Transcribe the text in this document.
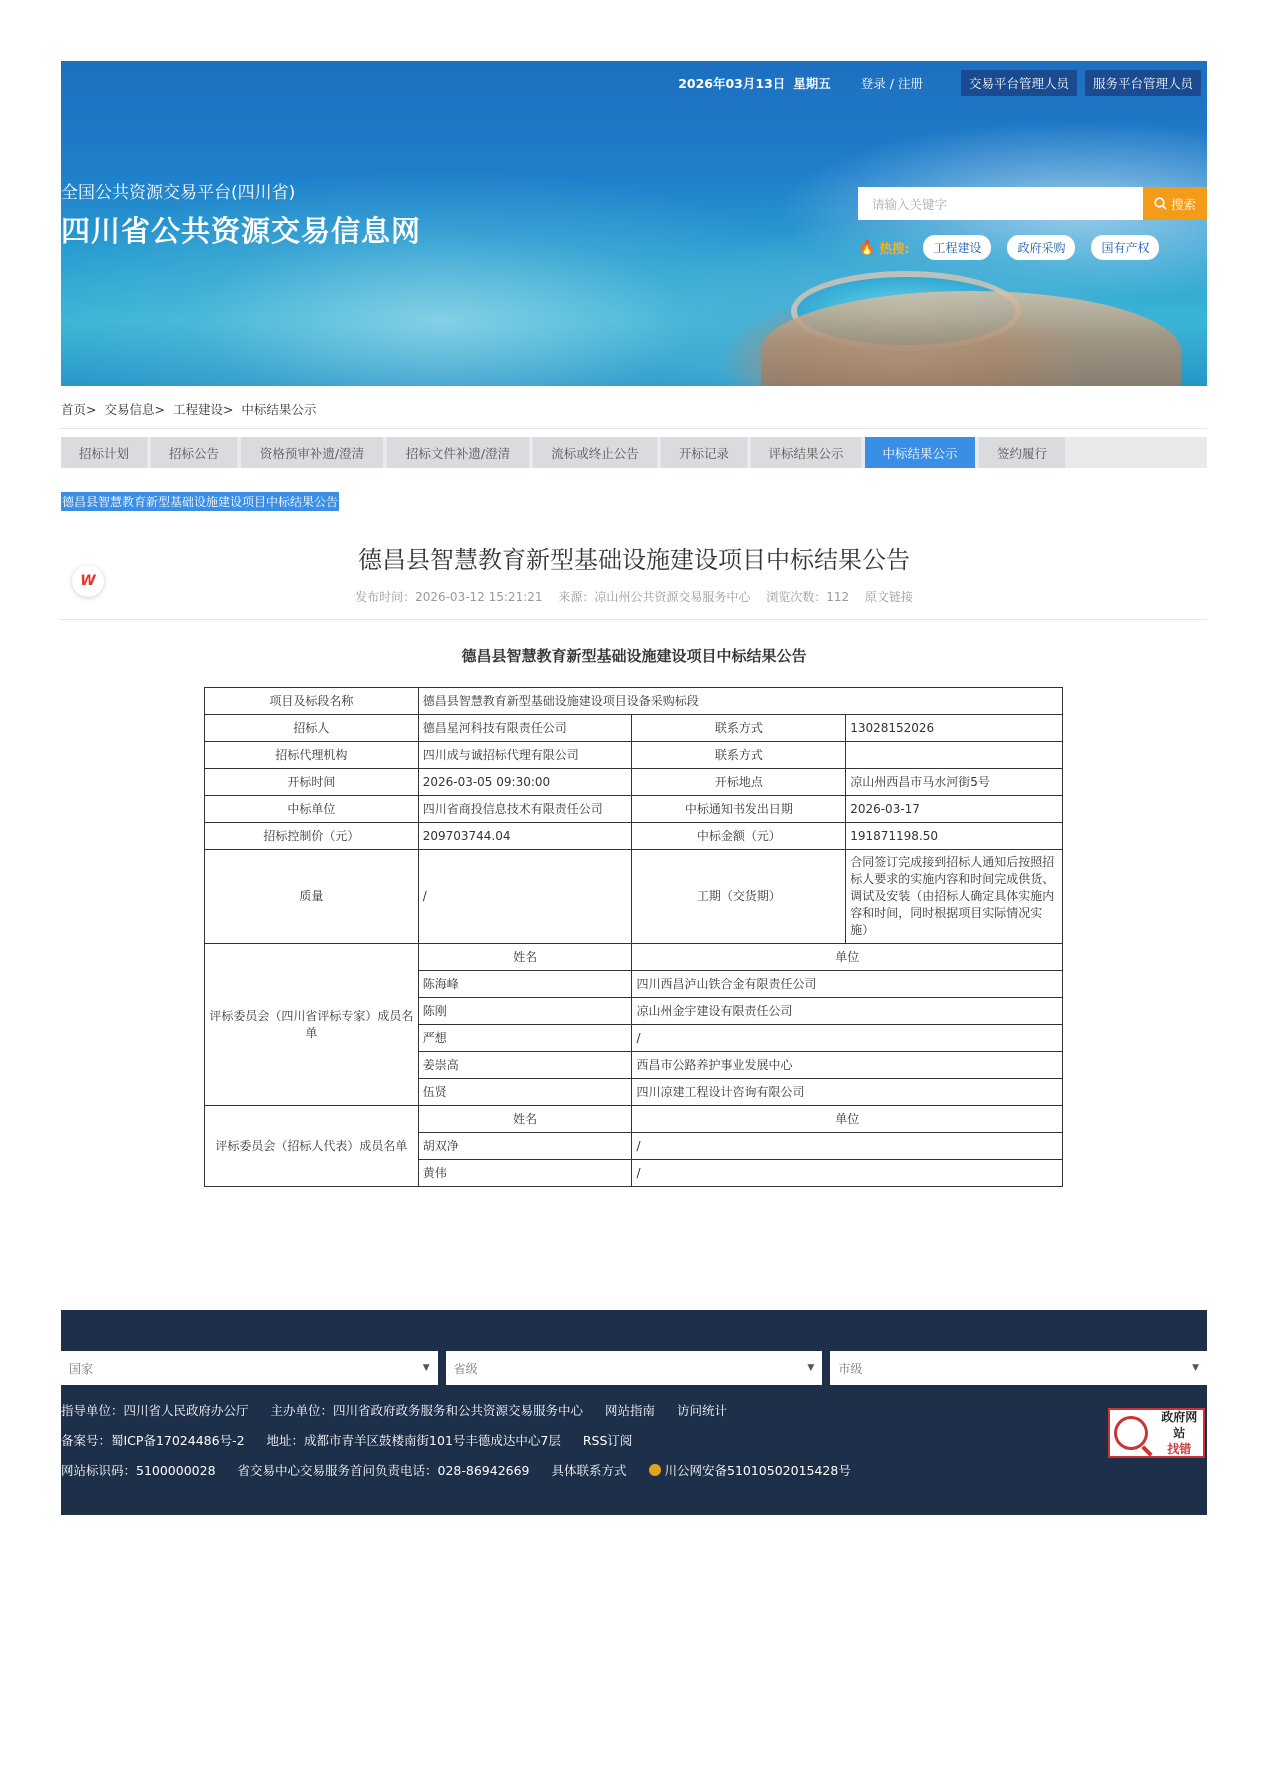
2026年03月13日 星期五 登录 / 注册	交易平台管理人员	服务平台管理人员
全国公共资源交易平台(四川省)
四川省公共资源交易信息网
请输入关键字	搜索
🔥 热搜:	工程建设	政府采购	国有产权
首页> 交易信息> 工程建设> 中标结果公示
招标计划	招标公告	资格预审补遗/澄清	招标文件补遗/澄清	流标或终止公告	开标记录	评标结果公示	中标结果公示	签约履行
德昌县智慧教育新型基础设施建设项目中标结果公告
德昌县智慧教育新型基础设施建设项目中标结果公告
W
发布时间：2026-03-12 15:21:21 来源：凉山州公共资源交易服务中心 浏览次数：112 原文链接
德昌县智慧教育新型基础设施建设项目中标结果公告
项目及标段名称	德昌县智慧教育新型基础设施建设项目设备采购标段		
招标人	德昌星河科技有限责任公司	联系方式	13028152026
招标代理机构	四川成与诚招标代理有限公司	联系方式	
开标时间	2026-03-05 09:30:00	开标地点	凉山州西昌市马水河街5号
中标单位	四川省商投信息技术有限责任公司	中标通知书发出日期	2026-03-17
招标控制价（元）	209703744.04	中标金额（元）	191871198.50
质量	/	工期（交货期）	合同签订完成接到招标人通知后按照招标人要求的实施内容和时间完成供货、调试及安装（由招标人确定具体实施内容和时间，同时根据项目实际情况实施）
评标委员会（四川省评标专家）成员名单	姓名	单位	
	陈海峰	四川西昌泸山铁合金有限责任公司	
	陈刚	凉山州金宇建设有限责任公司	
	严想	/	
	姜崇高	西昌市公路养护事业发展中心	
	伍贤	四川凉建工程设计咨询有限公司	
评标委员会（招标人代表）成员名单	姓名	单位	
	胡双净	/	
	黄伟	/	
国家	▼ 省级	▼ 市级	▼
指导单位：四川省人民政府办公厅 主办单位：四川省政府政务服务和公共资源交易服务中心 网站指南 访问统计
备案号：蜀ICP备17024486号-2 地址：成都市青羊区鼓楼南街101号丰德成达中心7层 RSS订阅
网站标识码：5100000028 省交易中心交易服务首问负责电话：028-86942669 具体联系方式	川公网安备51010502015428号
政府网站
找错
